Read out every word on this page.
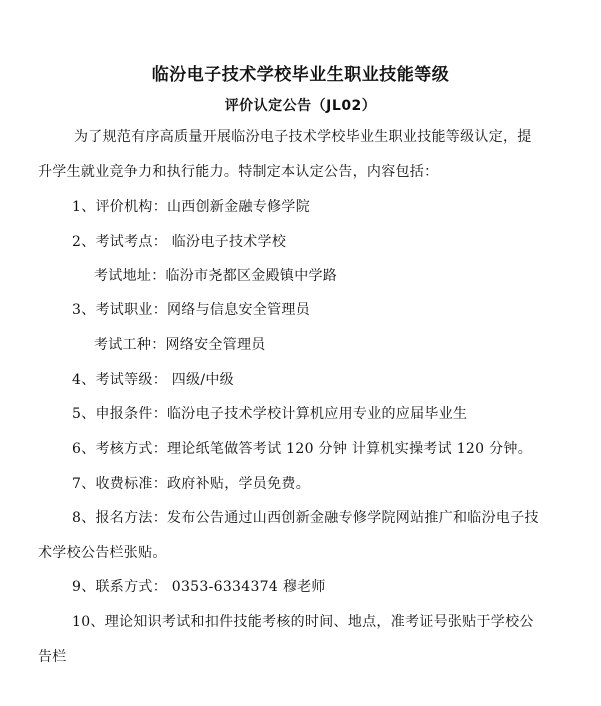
临汾电子技术学校毕业生职业技能等级
评价认定公告（JL02）
为了规范有序高质量开展临汾电子技术学校毕业生职业技能等级认定，提
升学生就业竞争力和执行能力。特制定本认定公告，内容包括：
1、评价机构：山西创新金融专修学院
2、考试考点： 临汾电子技术学校
考试地址：临汾市尧都区金殿镇中学路
3、考试职业：网络与信息安全管理员
考试工种：网络安全管理员
4、考试等级： 四级/中级
5、申报条件：临汾电子技术学校计算机应用专业的应届毕业生
6、考核方式：理论纸笔做答考试 120 分钟 计算机实操考试 120 分钟。
7、收费标准：政府补贴，学员免费。
8、报名方法：发布公告通过山西创新金融专修学院网站推广和临汾电子技
术学校公告栏张贴。
9、联系方式： 0353-6334374 穆老师
10、理论知识考试和扣件技能考核的时间、地点，准考证号张贴于学校公
告栏
